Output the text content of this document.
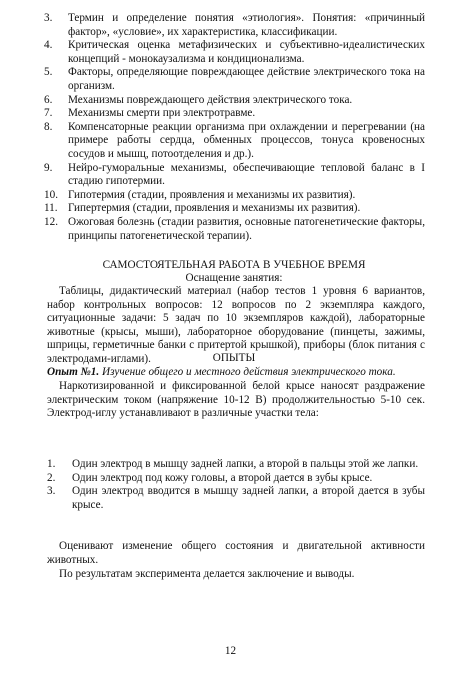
3.	Термин и определение понятия «этиология». Понятия: «причинный фактор», «условие», их характеристика, классификации.
4.	Критическая оценка метафизических и субъективно-идеалистических концепций - монокаузализма и кондиционализма.
5.	Факторы, определяющие повреждающее действие электрического тока на организм.
6.	Механизмы повреждающего действия электрического тока.
7.	Механизмы смерти при электротравме.
8.	Компенсаторные реакции организма при охлаждении и перегревании (на примере работы сердца, обменных процессов, тонуса кровеносных сосудов и мышц, потоотделения и др.).
9.	Нейро-гуморальные механизмы, обеспечивающие тепловой баланс в I стадию гипотермии.
10. Гипотермия (стадии, проявления и механизмы их развития).
11. Гипертермия (стадии, проявления и механизмы их развития).
12. Ожоговая болезнь (стадии развития, основные патогенетические факторы, принципы патогенетической терапии).
САМОСТОЯТЕЛЬНАЯ РАБОТА В УЧЕБНОЕ ВРЕМЯ
Оснащение занятия:
Таблицы, дидактический материал (набор тестов 1 уровня 6 вариантов, набор контрольных вопросов: 12 вопросов по 2 экземпляра каждого, ситуационные задачи: 5 задач по 10 экземпляров каждой), лабораторные животные (крысы, мыши), лабораторное оборудование (пинцеты, зажимы, шприцы, герметичные банки с притертой крышкой), приборы (блок питания с электродами-иглами).	ОПЫТЫ
Опыт №1. Изучение общего и местного действия электрического тока.
Наркотизированной и фиксированной белой крысе наносят раздражение электрическим током (напряжение 10-12 В) продолжительностью 5-10 сек. Электрод-иглу устанавливают в различные участки тела:
1.	Один электрод в мышцу задней лапки, а второй в пальцы этой же лапки.
2.	Один электрод под кожу головы, а второй дается в зубы крысе.
3.	Один электрод вводится в мышцу задней лапки, а второй дается в зубы крысе.
Оценивают изменение общего состояния и двигательной активности животных.
По результатам эксперимента делается заключение и выводы.
12
